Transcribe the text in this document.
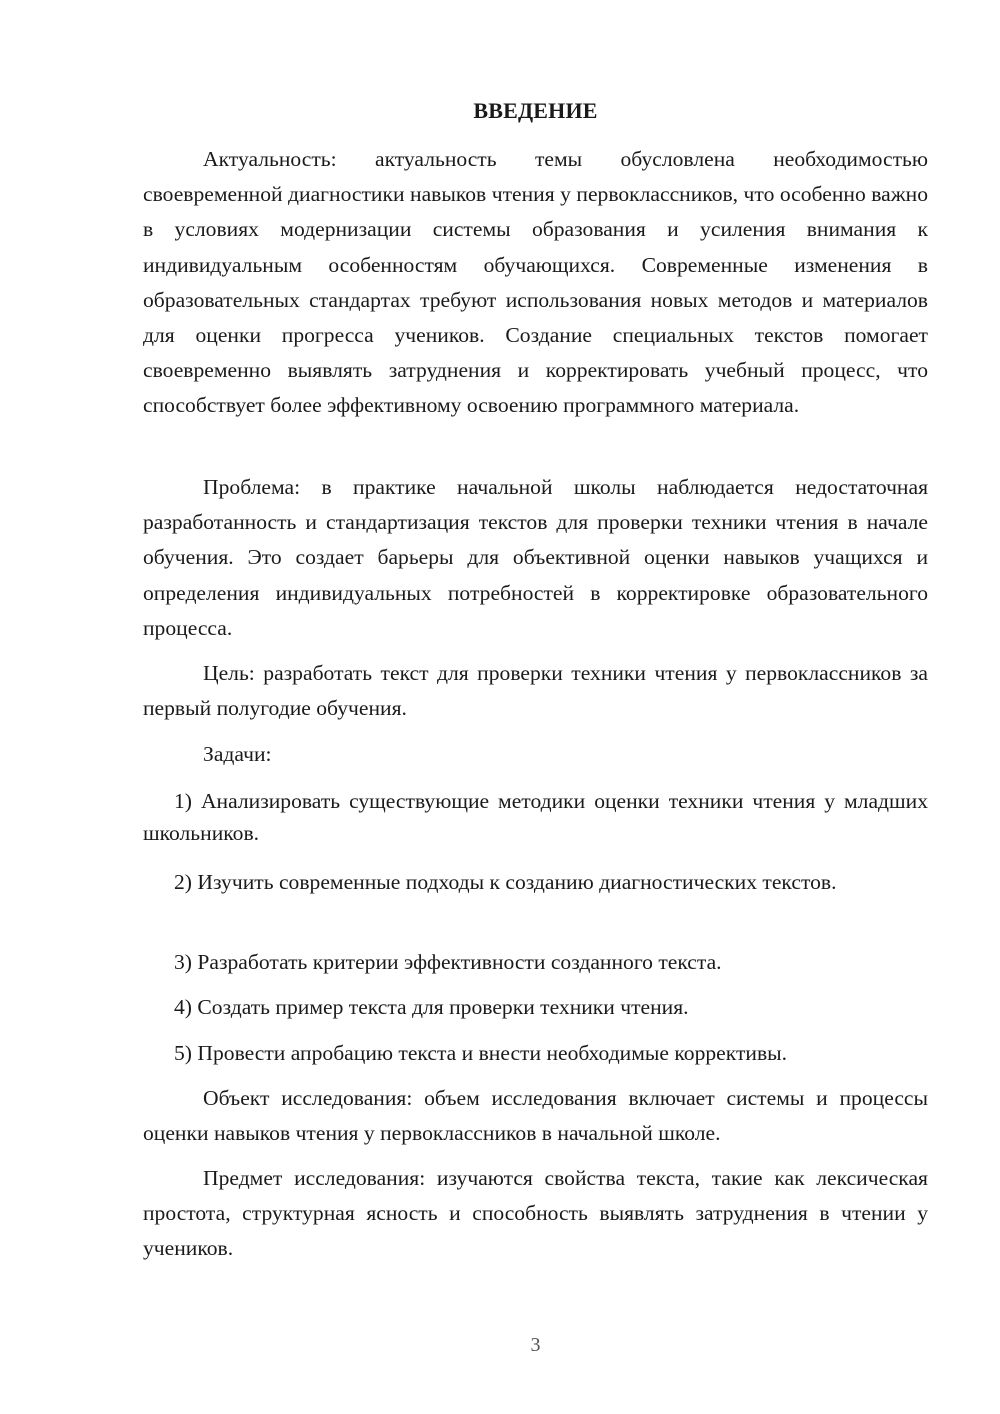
ВВЕДЕНИЕ

Актуальность: актуальность темы обусловлена необходимостью своевременной диагностики навыков чтения у первоклассников, что особенно важно в условиях модернизации системы образования и усиления внимания к индивидуальным особенностям обучающихся. Современные изменения в образовательных стандартах требуют использования новых методов и материалов для оценки прогресса учеников. Создание специальных текстов помогает своевременно выявлять затруднения и корректировать учебный процесс, что способствует более эффективному освоению программного материала.

Проблема: в практике начальной школы наблюдается недостаточная разработанность и стандартизация текстов для проверки техники чтения в начале обучения. Это создает барьеры для объективной оценки навыков учащихся и определения индивидуальных потребностей в корректировке образовательного процесса.

Цель: разработать текст для проверки техники чтения у первоклассников за первый полугодие обучения.

Задачи:

1) Анализировать существующие методики оценки техники чтения у младших школьников.

2) Изучить современные подходы к созданию диагностических текстов.

3) Разработать критерии эффективности созданного текста.

4) Создать пример текста для проверки техники чтения.

5) Провести апробацию текста и внести необходимые коррективы.

Объект исследования: объем исследования включает системы и процессы оценки навыков чтения у первоклассников в начальной школе.

Предмет исследования: изучаются свойства текста, такие как лексическая простота, структурная ясность и способность выявлять затруднения в чтении у учеников.

3
